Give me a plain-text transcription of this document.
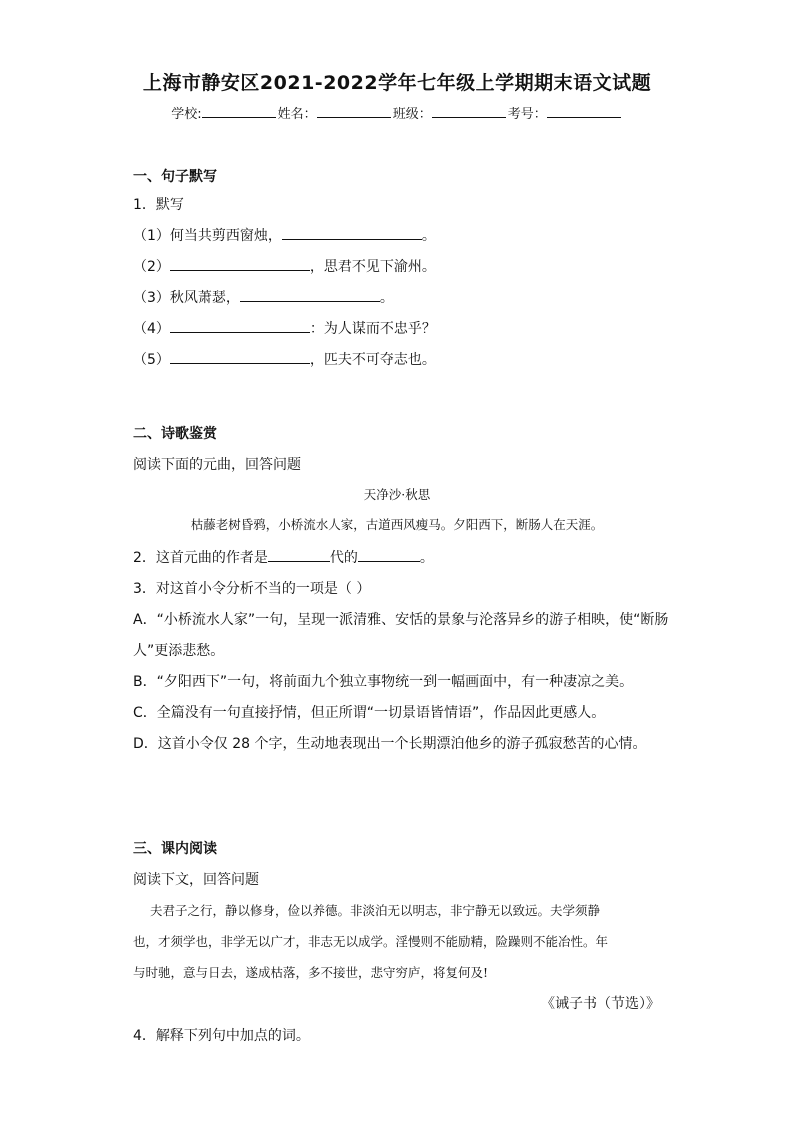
上海市静安区2021-2022学年七年级上学期期末语文试题
学校:	姓名：	班级：	考号：
一、句子默写
1．默写
（1）何当共剪西窗烛，	。
（2）	，思君不见下渝州。
（3）秋风萧瑟，	。
（4）	：为人谋而不忠乎？
（5）	，匹夫不可夺志也。
二、诗歌鉴赏
阅读下面的元曲，回答问题
天净沙·秋思
枯藤老树昏鸦，小桥流水人家，古道西风瘦马。夕阳西下，断肠人在天涯。
2．这首元曲的作者是	代的	。
3．对这首小令分析不当的一项是（ ）
A．“小桥流水人家”一句，呈现一派清雅、安恬的景象与沦落异乡的游子相映，使“断肠
人”更添悲愁。
B．“夕阳西下”一句，将前面九个独立事物统一到一幅画面中，有一种凄凉之美。
C．全篇没有一句直接抒情，但正所谓“一切景语皆情语”，作品因此更感人。
D．这首小令仅 28 个字，生动地表现出一个长期漂泊他乡的游子孤寂愁苦的心情。
三、课内阅读
阅读下文，回答问题
夫君子之行，静以修身，俭以养德。非淡泊无以明志，非宁静无以致远。夫学须静
也，才须学也，非学无以广才，非志无以成学。淫慢则不能励精，险躁则不能冶性。年
与时驰，意与日去，遂成枯落，多不接世，悲守穷庐，将复何及!
《诫子书（节选）》
4．解释下列句中加点的词。
